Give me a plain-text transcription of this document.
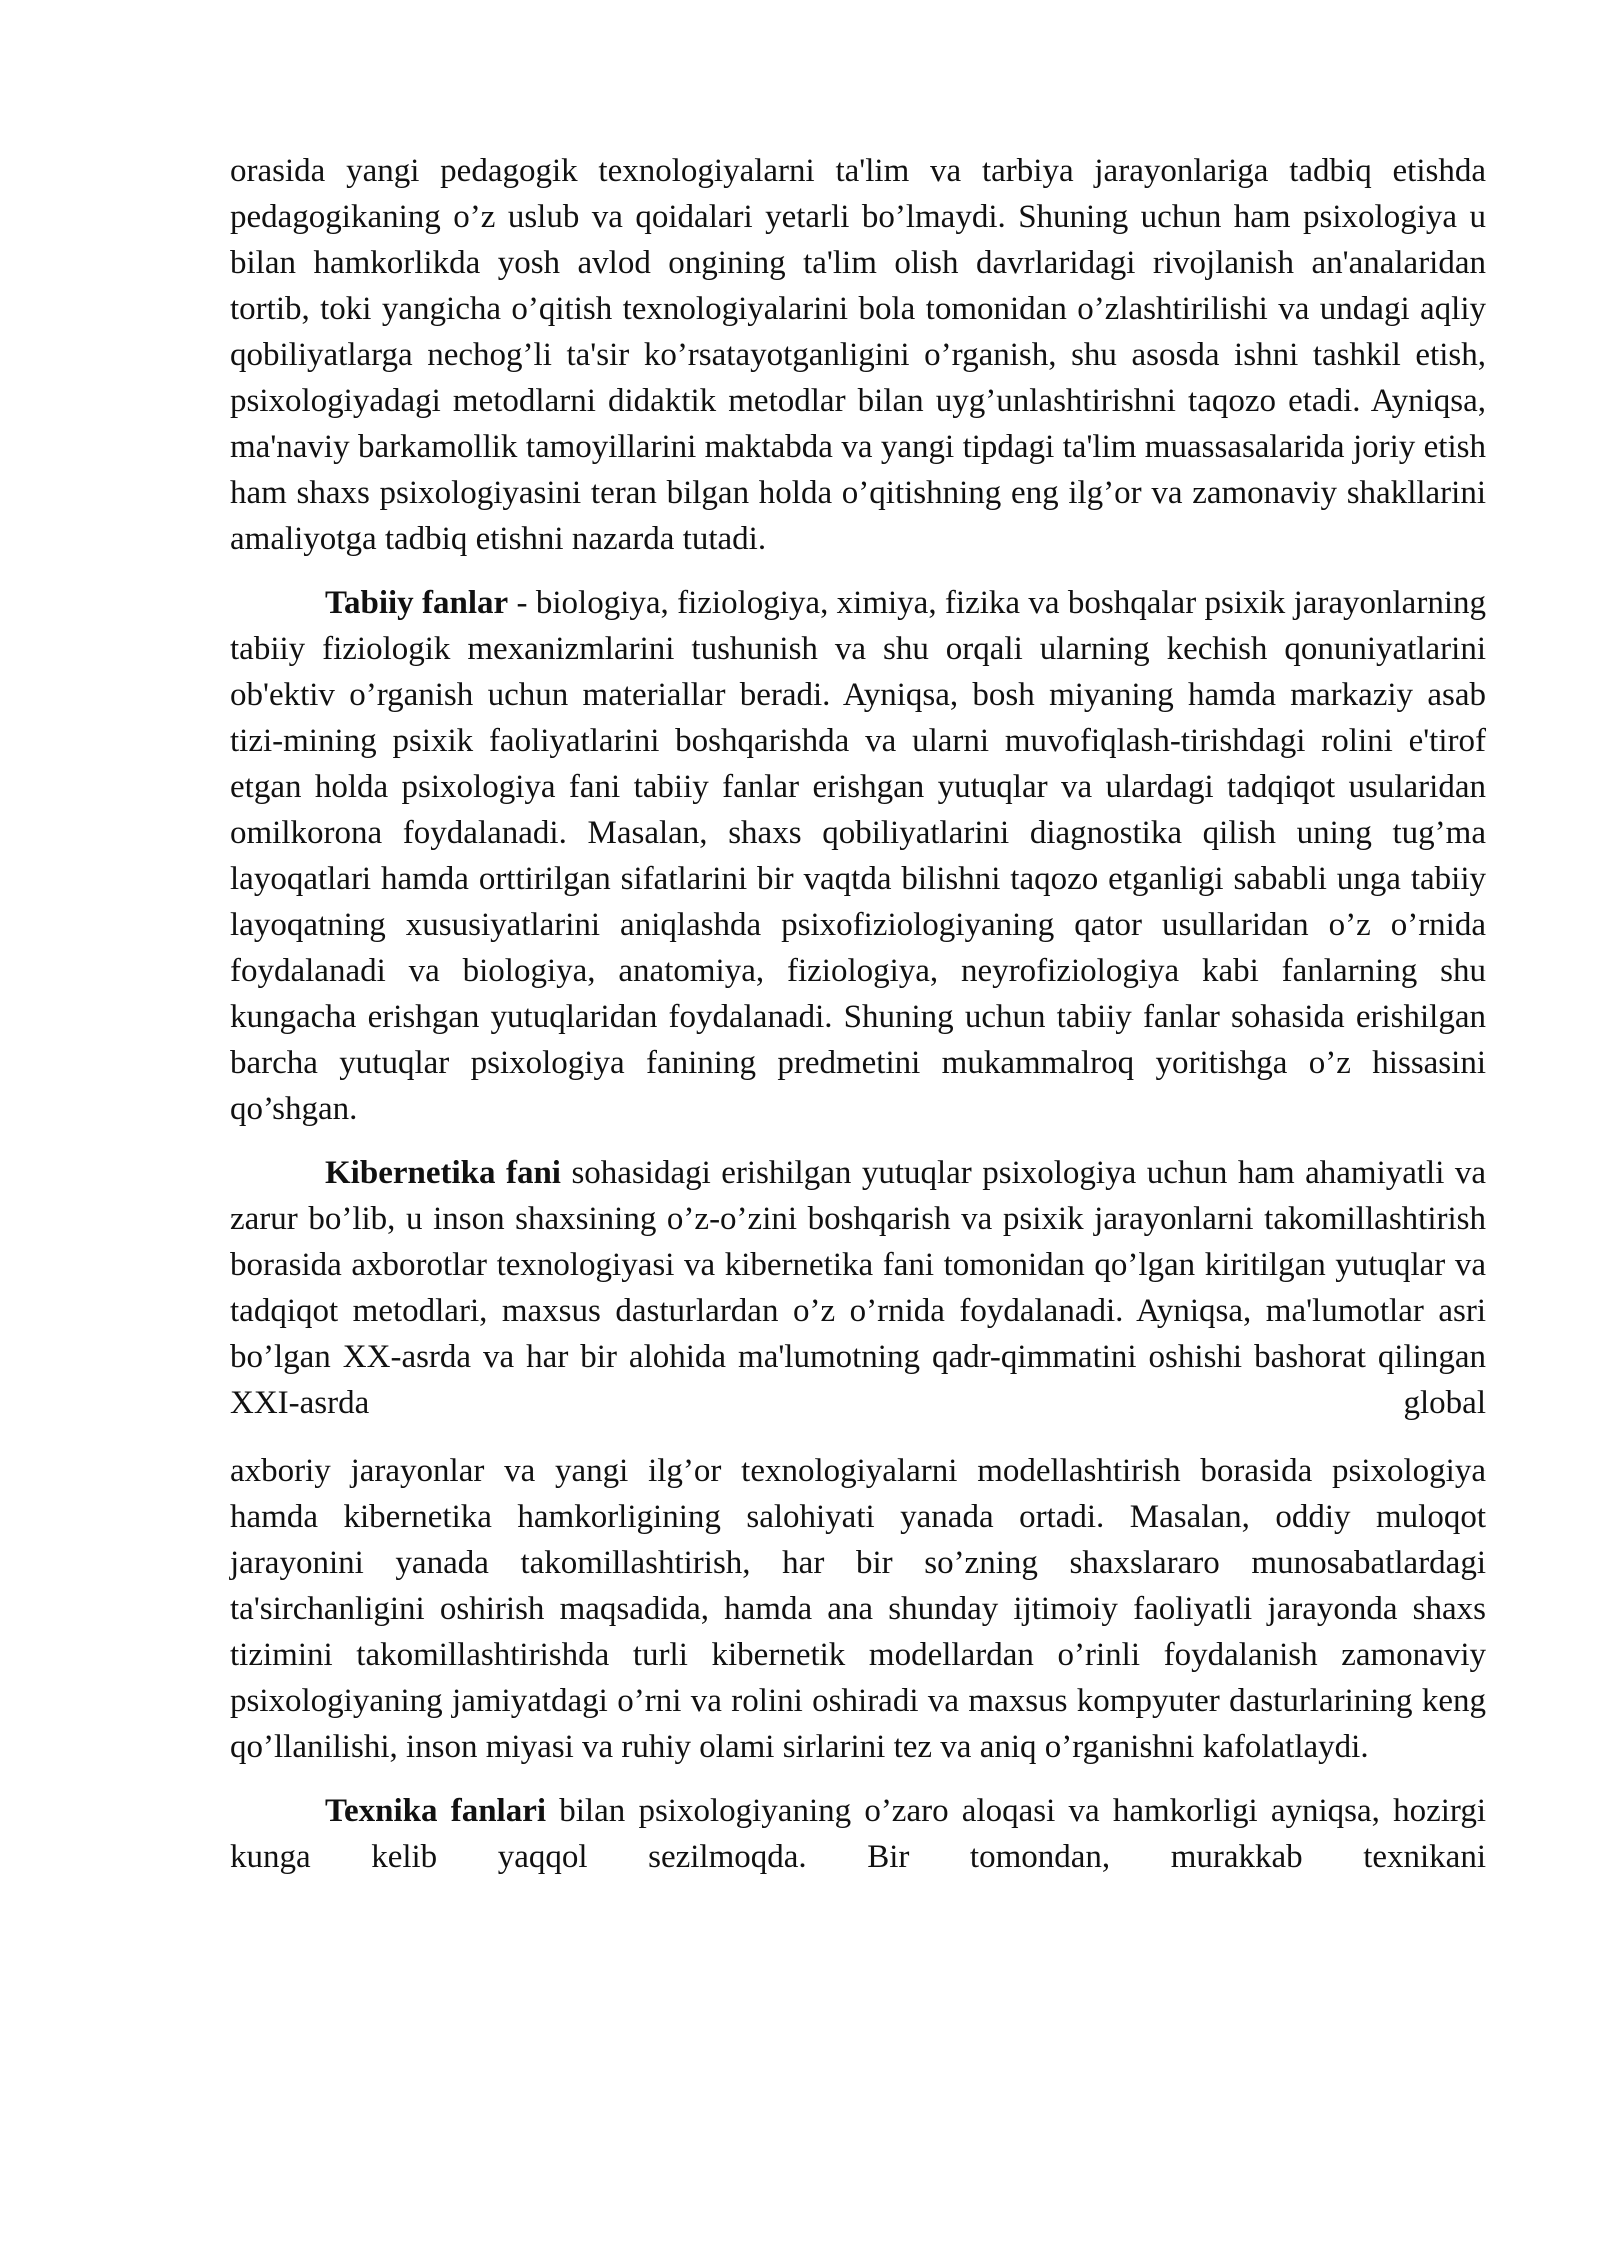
orasida yangi pedagogik texnologiyalarni ta'lim va tarbiya jarayonlariga tadbiq etishda pedagogikaning o’z uslub va qoidalari yetarli bo’lmaydi. Shuning uchun ham psixologiya u bilan hamkorlikda yosh avlod ongining ta'lim olish davrlaridagi rivojlanish an'analaridan tortib, toki yangicha o’qitish texnologiyalarini bola tomonidan o’zlashtirilishi va undagi aqliy qobiliyatlarga nechog’li ta'sir ko’rsatayotganligini o’rganish, shu asosda ishni tashkil etish, psixologiyadagi metodlarni didaktik metodlar bilan uyg’unlashtirishni taqozo etadi. Ayniqsa, ma'naviy barkamollik tamoyillarini maktabda va yangi tipdagi ta'lim muassasalarida joriy etish ham shaxs psixologiyasini teran bilgan holda o’qitishning eng ilg’or va zamonaviy shakllarini amaliyotga tadbiq etishni nazarda tutadi.

Tabiiy fanlar - biologiya, fiziologiya, ximiya, fizika va boshqalar psixik jarayonlarning tabiiy fiziologik mexanizmlarini tushunish va shu orqali ularning kechish qonuniyatlarini ob'ektiv o’rganish uchun materiallar beradi. Ayniqsa, bosh miyaning hamda markaziy asab tizi-mining psixik faoliyatlarini boshqarishda va ularni muvofiqlash-tirishdagi rolini e'tirof etgan holda psixologiya fani tabiiy fanlar erishgan yutuqlar va ulardagi tadqiqot usularidan omilkorona foydalanadi. Masalan, shaxs qobiliyatlarini diagnostika qilish uning tug’ma layoqatlari hamda orttirilgan sifatlarini bir vaqtda bilishni taqozo etganligi sababli unga tabiiy layoqatning xususiyatlarini aniqlashda psixofiziologiyaning qator usullaridan o’z o’rnida foydalanadi va biologiya, anatomiya, fiziologiya, neyrofiziologiya kabi fanlarning shu kungacha erishgan yutuqlaridan foydalanadi. Shuning uchun tabiiy fanlar sohasida erishilgan barcha yutuqlar psixologiya fanining predmetini mukammalroq yoritishga o’z hissasini qo’shgan.

Kibernetika fani sohasidagi erishilgan yutuqlar psixologiya uchun ham ahamiyatli va zarur bo’lib, u inson shaxsining o’z-o’zini boshqarish va psixik jarayonlarni takomillashtirish borasida axborotlar texnologiyasi va kibernetika fani tomonidan qo’lgan kiritilgan yutuqlar va tadqiqot metodlari, maxsus dasturlardan o’z o’rnida foydalanadi. Ayniqsa, ma'lumotlar asri bo’lgan XX-asrda va har bir alohida ma'lumotning qadr-qimmatini oshishi bashorat qilingan XXI-asrda global

axboriy jarayonlar va yangi ilg’or texnologiyalarni modellashtirish borasida psixologiya hamda kibernetika hamkorligining salohiyati yanada ortadi. Masalan, oddiy muloqot jarayonini yanada takomillashtirish, har bir so’zning shaxslararo munosabatlardagi ta'sirchanligini oshirish maqsadida, hamda ana shunday ijtimoiy faoliyatli jarayonda shaxs tizimini takomillashtirishda turli kibernetik modellardan o’rinli foydalanish zamonaviy psixologiyaning jamiyatdagi o’rni va rolini oshiradi va maxsus kompyuter dasturlarining keng qo’llanilishi, inson miyasi va ruhiy olami sirlarini tez va aniq o’rganishni kafolatlaydi.

Texnika fanlari bilan psixologiyaning o’zaro aloqasi va hamkorligi ayniqsa, hozirgi kunga kelib yaqqol sezilmoqda. Bir tomondan, murakkab texnikani
